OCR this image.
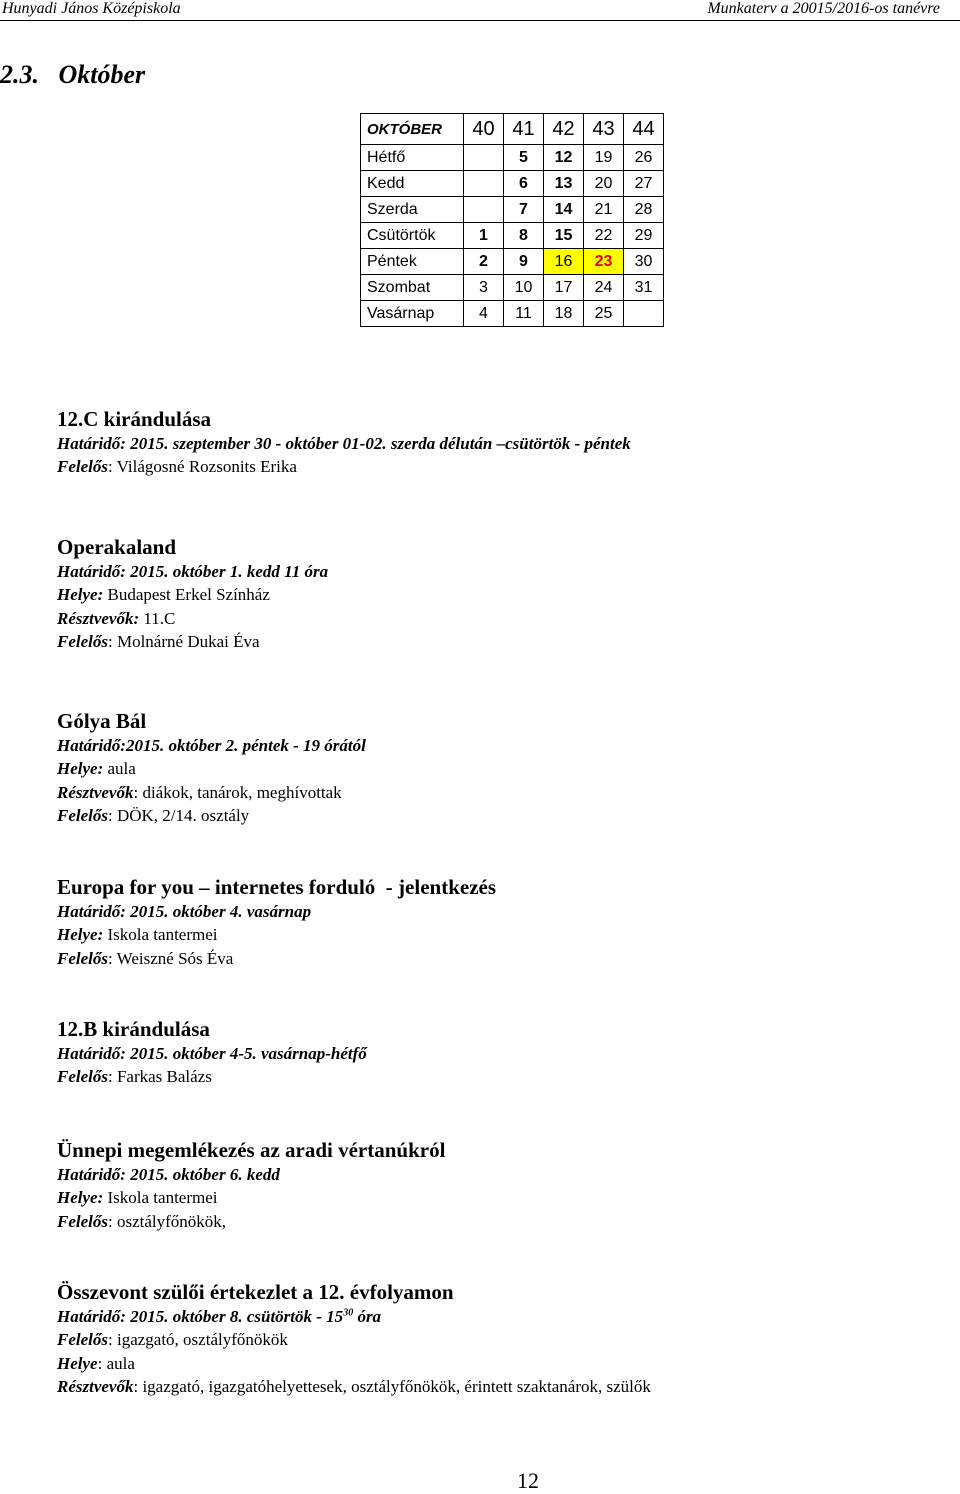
Hunyadi János Középiskola	Munkaterv a 20015/2016-os tanévre
2.3.   Október
OKTÓBER	40	41	42	43	44
Hétfő		5	12	19	26
Kedd		6	13	20	27
Szerda		7	14	21	28
Csütörtök	1	8	15	22	29
Péntek	2	9	16	23	30
Szombat	3	10	17	24	31
Vasárnap	4	11	18	25	
12.C kirándulása

Határidő: 2015. szeptember 30 - október 01-02. szerda délután –csütörtök - péntek

Felelős: Világosné Rozsonits Erika

Operakaland

Határidő: 2015. október 1. kedd 11 óra

Helye: Budapest Erkel Színház

Résztvevők: 11.C

Felelős: Molnárné Dukai Éva

Gólya Bál

Határidő:2015. október 2. péntek - 19 órától

Helye: aula

Résztvevők: diákok, tanárok, meghívottak

Felelős: DÖK, 2/14. osztály

Europa for you – internetes forduló  - jelentkezés

Határidő: 2015. október 4. vasárnap

Helye: Iskola tantermei

Felelős: Weiszné Sós Éva

12.B kirándulása

Határidő: 2015. október 4-5. vasárnap-hétfő

Felelős: Farkas Balázs

Ünnepi megemlékezés az aradi vértanúkról

Határidő: 2015. október 6. kedd

Helye: Iskola tantermei

Felelős: osztályfőnökök,

Összevont szülői értekezlet a 12. évfolyamon

Határidő: 2015. október 8. csütörtök - $15^{30}$ óra

Felelős: igazgató, osztályfőnökök

Helye: aula

Résztvevők: igazgató, igazgatóhelyettesek, osztályfőnökök, érintett szaktanárok, szülők

12
